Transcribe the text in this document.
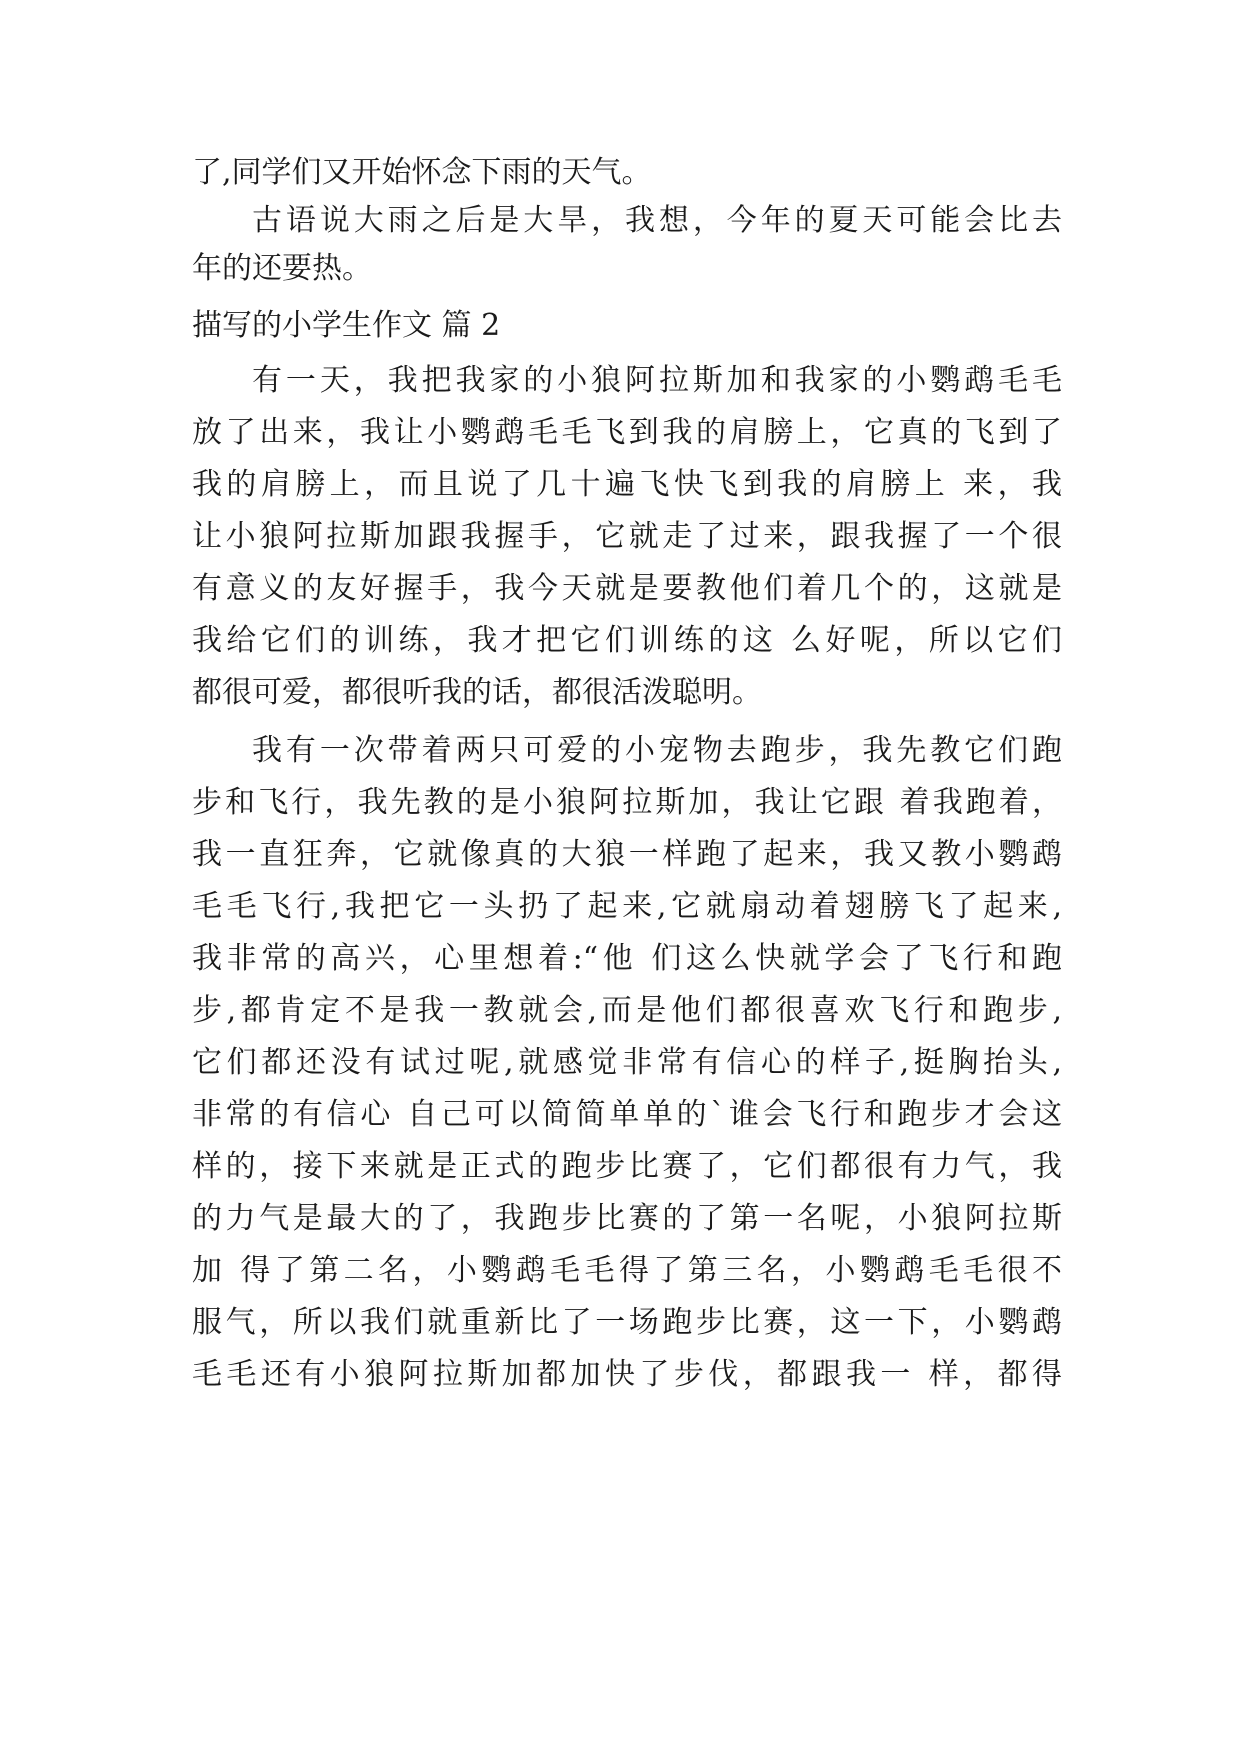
了,同学们又开始怀念下雨的天气。
古语说大雨之后是大旱，我想，今年的夏天可能会比去
年的还要热。
描写的小学生作文 篇 2
有一天，我把我家的小狼阿拉斯加和我家的小鹦鹉毛毛
放了出来，我让小鹦鹉毛毛飞到我的肩膀上，它真的飞到了
我的肩膀上，而且说了几十遍飞快飞到我的肩膀上 来，我
让小狼阿拉斯加跟我握手，它就走了过来，跟我握了一个很
有意义的友好握手，我今天就是要教他们着几个的，这就是
我给它们的训练，我才把它们训练的这 么好呢，所以它们
都很可爱，都很听我的话，都很活泼聪明。
我有一次带着两只可爱的小宠物去跑步，我先教它们跑
步和飞行，我先教的是小狼阿拉斯加，我让它跟 着我跑着，
我一直狂奔，它就像真的大狼一样跑了起来，我又教小鹦鹉
毛毛飞行,我把它一头扔了起来,它就扇动着翅膀飞了起来,
我非常的高兴，心里想着:“他 们这么快就学会了飞行和跑
步,都肯定不是我一教就会,而是他们都很喜欢飞行和跑步,
它们都还没有试过呢,就感觉非常有信心的样子,挺胸抬头,
非常的有信心 自己可以简简单单的`谁会飞行和跑步才会这
样的，接下来就是正式的跑步比赛了，它们都很有力气，我
的力气是最大的了，我跑步比赛的了第一名呢，小狼阿拉斯
加 得了第二名，小鹦鹉毛毛得了第三名，小鹦鹉毛毛很不
服气，所以我们就重新比了一场跑步比赛，这一下，小鹦鹉
毛毛还有小狼阿拉斯加都加快了步伐，都跟我一 样，都得
